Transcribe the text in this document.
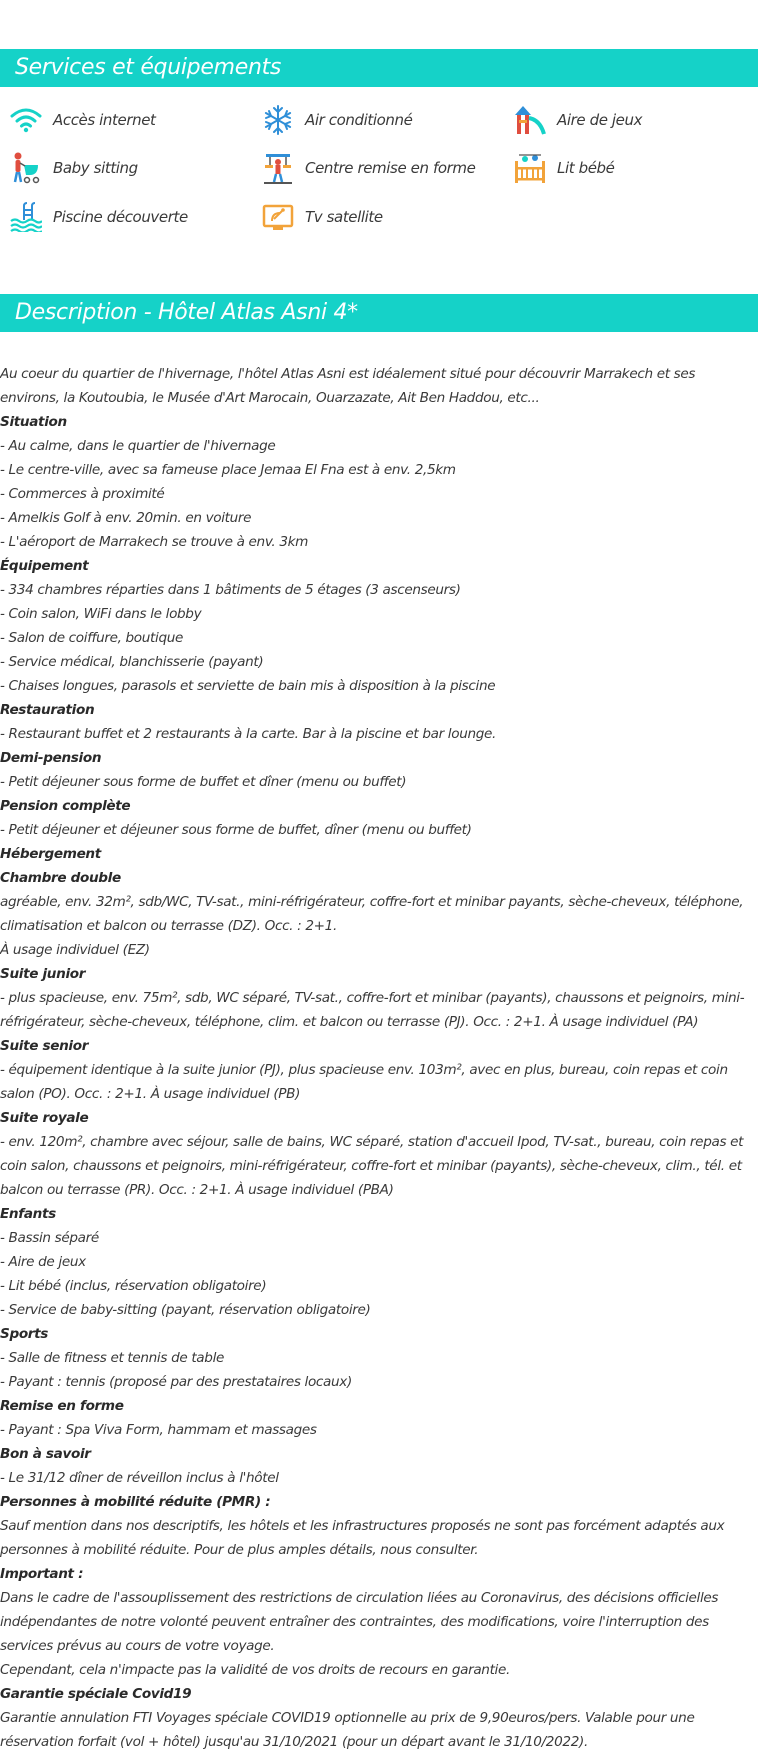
Services et équipements
Accès internet	Air conditionné	Aire de jeux
Baby sitting	Centre remise en forme	Lit bébé
Piscine découverte	Tv satellite
Description - Hôtel Atlas Asni 4*
Au coeur du quartier de l'hivernage, l'hôtel Atlas Asni est idéalement situé pour découvrir Marrakech et ses environs, la Koutoubia, le Musée d'Art Marocain, Ouarzazate, Ait Ben Haddou, etc...
Situation
- Au calme, dans le quartier de l'hivernage
- Le centre-ville, avec sa fameuse place Jemaa El Fna est à env. 2,5km
- Commerces à proximité
- Amelkis Golf à env. 20min. en voiture
- L'aéroport de Marrakech se trouve à env. 3km
Équipement
- 334 chambres réparties dans 1 bâtiments de 5 étages (3 ascenseurs)
- Coin salon, WiFi dans le lobby
- Salon de coiffure, boutique
- Service médical, blanchisserie (payant)
- Chaises longues, parasols et serviette de bain mis à disposition à la piscine
Restauration
- Restaurant buffet et 2 restaurants à la carte. Bar à la piscine et bar lounge.
Demi-pension
- Petit déjeuner sous forme de buffet et dîner (menu ou buffet)
Pension complète
- Petit déjeuner et déjeuner sous forme de buffet, dîner (menu ou buffet)
Hébergement
Chambre double
agréable, env. 32m², sdb/WC, TV-sat., mini-réfrigérateur, coffre-fort et minibar payants, sèche-cheveux, téléphone, climatisation et balcon ou terrasse (DZ). Occ. : 2+1.
À usage individuel (EZ)
Suite junior
- plus spacieuse, env. 75m², sdb, WC séparé, TV-sat., coffre-fort et minibar (payants), chaussons et peignoirs, mini-réfrigérateur, sèche-cheveux, téléphone, clim. et balcon ou terrasse (PJ). Occ. : 2+1. À usage individuel (PA)
Suite senior
- équipement identique à la suite junior (PJ), plus spacieuse env. 103m², avec en plus, bureau, coin repas et coin salon (PO). Occ. : 2+1. À usage individuel (PB)
Suite royale
- env. 120m², chambre avec séjour, salle de bains, WC séparé, station d'accueil Ipod, TV-sat., bureau, coin repas et coin salon, chaussons et peignoirs, mini-réfrigérateur, coffre-fort et minibar (payants), sèche-cheveux, clim., tél. et balcon ou terrasse (PR). Occ. : 2+1. À usage individuel (PBA)
Enfants
- Bassin séparé
- Aire de jeux
- Lit bébé (inclus, réservation obligatoire)
- Service de baby-sitting (payant, réservation obligatoire)
Sports
- Salle de fitness et tennis de table
- Payant : tennis (proposé par des prestataires locaux)
Remise en forme
- Payant : Spa Viva Form, hammam et massages
Bon à savoir
- Le 31/12 dîner de réveillon inclus à l'hôtel
Personnes à mobilité réduite (PMR) :
Sauf mention dans nos descriptifs, les hôtels et les infrastructures proposés ne sont pas forcément adaptés aux personnes à mobilité réduite. Pour de plus amples détails, nous consulter.
Important :
Dans le cadre de l'assouplissement des restrictions de circulation liées au Coronavirus, des décisions officielles indépendantes de notre volonté peuvent entraîner des contraintes, des modifications, voire l'interruption des services prévus au cours de votre voyage.
Cependant, cela n'impacte pas la validité de vos droits de recours en garantie.
Garantie spéciale Covid19
Garantie annulation FTI Voyages spéciale COVID19 optionnelle au prix de 9,90euros/pers. Valable pour une réservation forfait (vol + hôtel) jusqu'au 31/10/2021 (pour un départ avant le 31/10/2022).
